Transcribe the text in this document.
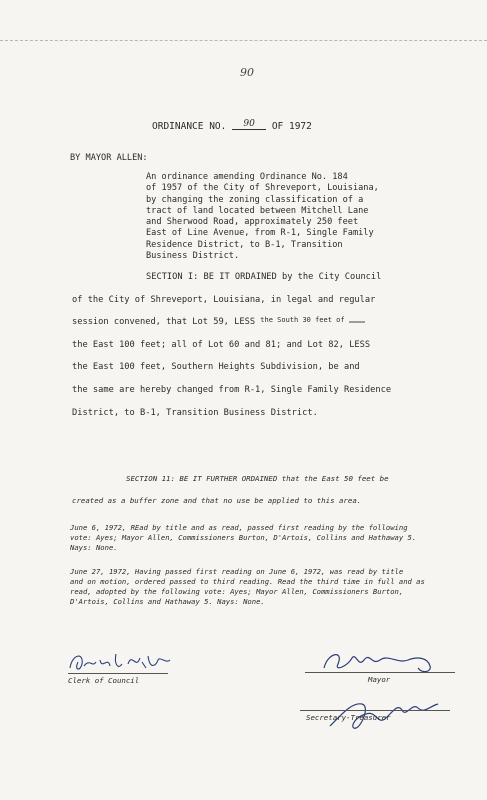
90
ORDINANCE NO. 90 OF 1972
BY MAYOR ALLEN:
An ordinance amending Ordinance No. 184
of 1957 of the City of Shreveport, Louisiana,
by changing the zoning classification of a
tract of land located between Mitchell Lane
and Sherwood Road, approximately 250 feet
East of Line Avenue, from R-1, Single Family
Residence District, to B-1, Transition
Business District.
SECTION I: BE IT ORDAINED by the City Council
of the City of Shreveport, Louisiana, in legal and regular
session convened, that Lot 59, LESS $^{the South 30 feet of}$
the East 100 feet; all of Lot 60 and 81; and Lot 82, LESS
the East 100 feet, Southern Heights Subdivision, be and
the same are hereby changed from R-1, Single Family Residence
District, to B-1, Transition Business District.
SECTION 11: BE IT FURTHER ORDAINED that the East 50 feet be
created as a buffer zone and that no use be applied to this area.
June 6, 1972, REad by title and as read, passed first reading by the following
vote: Ayes; Mayor Allen, Commissioners Burton, D'Artois, Collins and Hathaway 5.
Nays: None.
June 27, 1972, Having passed first reading on June 6, 1972, was read by title
and on motion, ordered passed to third reading. Read the third time in full and as
read, adopted by the following vote: Ayes; Mayor Allen, Commissioners Burton,
D'Artois, Collins and Hathaway 5. Nays: None.
Clerk of Council	Mayor
Secretary-Treasurer
